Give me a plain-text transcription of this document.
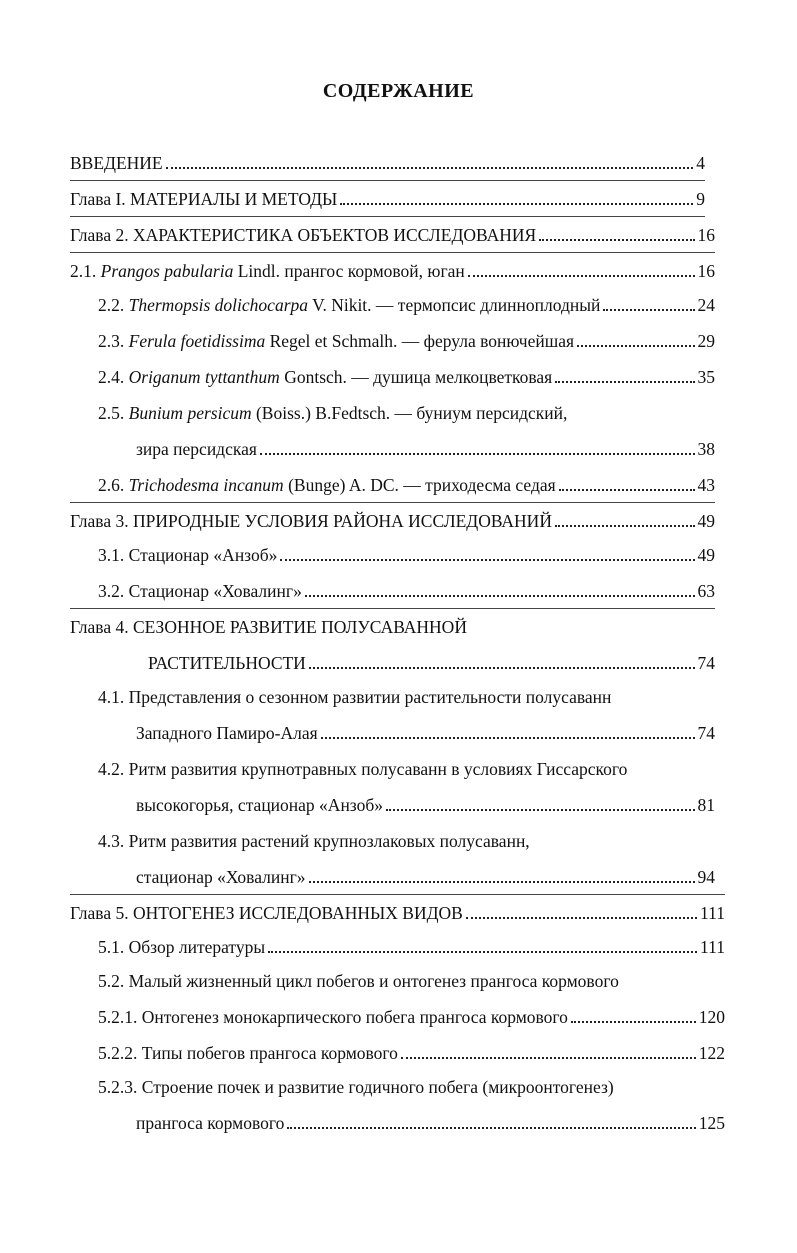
СОДЕРЖАНИЕ
ВВЕДЕНИЕ	4
Глава I. МАТЕРИАЛЫ И МЕТОДЫ	9
Глава 2. ХАРАКТЕРИСТИКА ОБЪЕКТОВ ИССЛЕДОВАНИЯ	16
2.1. Prangos pabularia Lindl. прангос кормовой, юган	16
2.2. Thermopsis dolichocarpa V. Nikit. — термопсис длинноплодный	24
2.3. Ferula foetidissima Regel et Schmalh. — ферула вонючейшая	29
2.4. Origanum tyttanthum Gontsch. — душица мелкоцветковая	35
2.5. Bunium persicum (Boiss.) B.Fedtsch. — буниум персидский,
зира персидская	38
2.6. Trichodesma incanum (Bunge) A. DC. — триходесма седая	43
Глава 3. ПРИРОДНЫЕ УСЛОВИЯ РАЙОНА ИССЛЕДОВАНИЙ	49
3.1. Стационар «Анзоб»	49
3.2. Стационар «Ховалинг»	63
Глава 4. СЕЗОННОЕ РАЗВИТИЕ ПОЛУСАВАННОЙ
РАСТИТЕЛЬНОСТИ	74
4.1. Представления о сезонном развитии растительности полусаванн
Западного Памиро-Алая	74
4.2. Ритм развития крупнотравных полусаванн в условиях Гиссарского
высокогорья, стационар «Анзоб»	81
4.3. Ритм развития растений крупнозлаковых полусаванн,
стационар «Ховалинг»	94
Глава 5. ОНТОГЕНЕЗ ИССЛЕДОВАННЫХ ВИДОВ	111
5.1. Обзор литературы	111
5.2. Малый жизненный цикл побегов и онтогенез прангоса кормового
5.2.1. Онтогенез монокарпического побега прангоса кормового	120
5.2.2. Типы побегов прангоса кормового	122
5.2.3. Строение почек и развитие годичного побега (микроонтогенез)
прангоса кормового	125
